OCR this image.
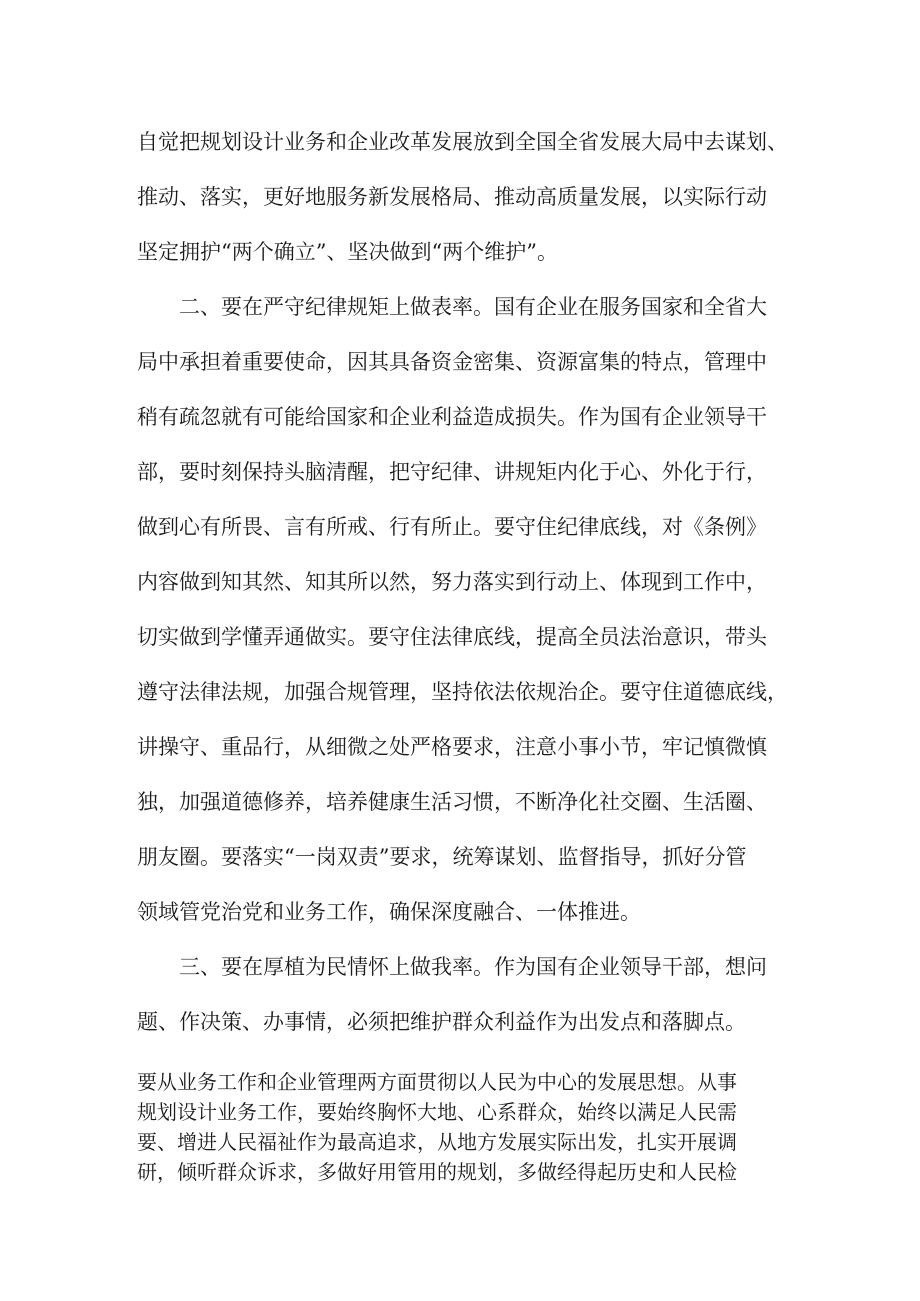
自觉把规划设计业务和企业改革发展放到全国全省发展大局中去谋划、
推动、落实，更好地服务新发展格局、推动高质量发展，以实际行动
坚定拥护“两个确立”、坚决做到“两个维护”。
　　二、要在严守纪律规矩上做表率。国有企业在服务国家和全省大
局中承担着重要使命，因其具备资金密集、资源富集的特点，管理中
稍有疏忽就有可能给国家和企业利益造成损失。作为国有企业领导干
部，要时刻保持头脑清醒，把守纪律、讲规矩内化于心、外化于行，
做到心有所畏、言有所戒、行有所止。要守住纪律底线，对《条例》
内容做到知其然、知其所以然，努力落实到行动上、体现到工作中，
切实做到学懂弄通做实。要守住法律底线，提高全员法治意识，带头
遵守法律法规，加强合规管理，坚持依法依规治企。要守住道德底线，
讲操守、重品行，从细微之处严格要求，注意小事小节，牢记慎微慎
独，加强道德修养，培养健康生活习惯，不断净化社交圈、生活圈、
朋友圈。要落实“一岗双责”要求，统筹谋划、监督指导，抓好分管
领域管党治党和业务工作，确保深度融合、一体推进。
　　三、要在厚植为民情怀上做我率。作为国有企业领导干部，想问
题、作决策、办事情，必须把维护群众利益作为出发点和落脚点。
要从业务工作和企业管理两方面贯彻以人民为中心的发展思想。从事
规划设计业务工作，要始终胸怀大地、心系群众，始终以满足人民需
要、增进人民福祉作为最高追求，从地方发展实际出发，扎实开展调
研，倾听群众诉求，多做好用管用的规划，多做经得起历史和人民检
